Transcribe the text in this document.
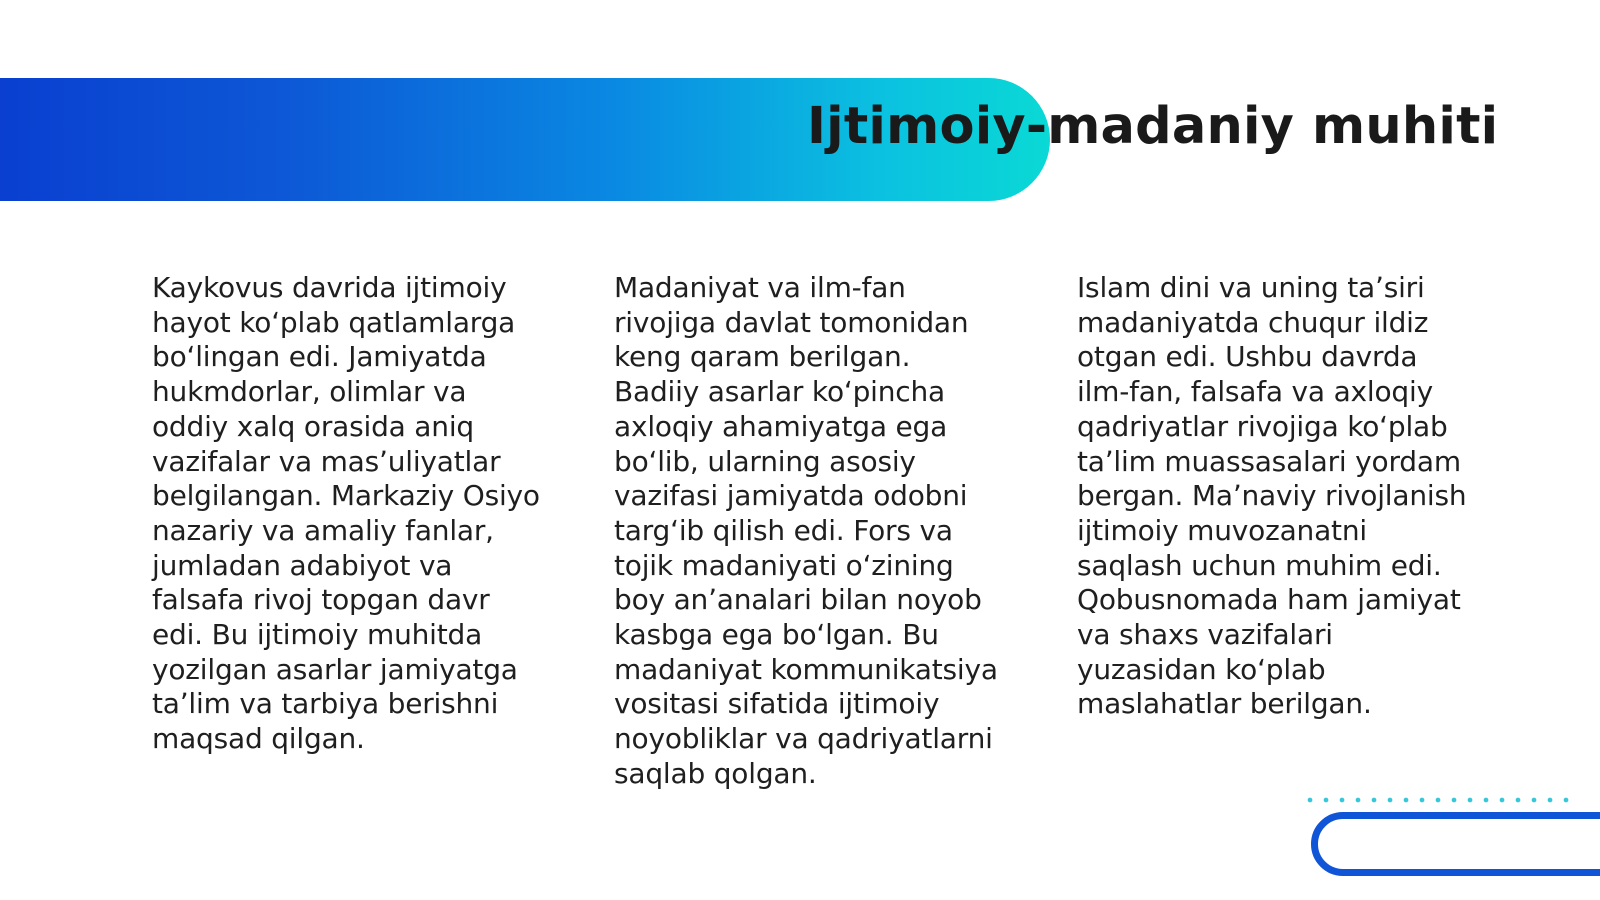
Ijtimoiy-madaniy muhiti

Kaykovus davrida ijtimoiy hayot koʻplab qatlamlarga boʻlingan edi. Jamiyatda hukmdorlar, olimlar va oddiy xalq orasida aniq vazifalar va masʼuliyatlar belgilangan. Markaziy Osiyo nazariy va amaliy fanlar, jumladan adabiyot va falsafa rivoj topgan davr edi. Bu ijtimoiy muhitda yozilgan asarlar jamiyatga taʼlim va tarbiya berishni maqsad qilgan.

Madaniyat va ilm-fan rivojiga davlat tomonidan keng qaram berilgan. Badiiy asarlar koʻpincha axloqiy ahamiyatga ega boʻlib, ularning asosiy vazifasi jamiyatda odobni targʻib qilish edi. Fors va tojik madaniyati oʻzining boy anʼanalari bilan noyob kasbga ega boʻlgan. Bu madaniyat kommunikatsiya vositasi sifatida ijtimoiy noyobliklar va qadriyatlarni saqlab qolgan.

Islam dini va uning taʼsiri madaniyatda chuqur ildiz otgan edi. Ushbu davrda ilm-fan, falsafa va axloqiy qadriyatlar rivojiga koʻplab taʼlim muassasalari yordam bergan. Maʼnaviy rivojlanish ijtimoiy muvozanatni saqlash uchun muhim edi. Qobusnomada ham jamiyat va shaxs vazifalari yuzasidan koʻplab maslahatlar berilgan.
